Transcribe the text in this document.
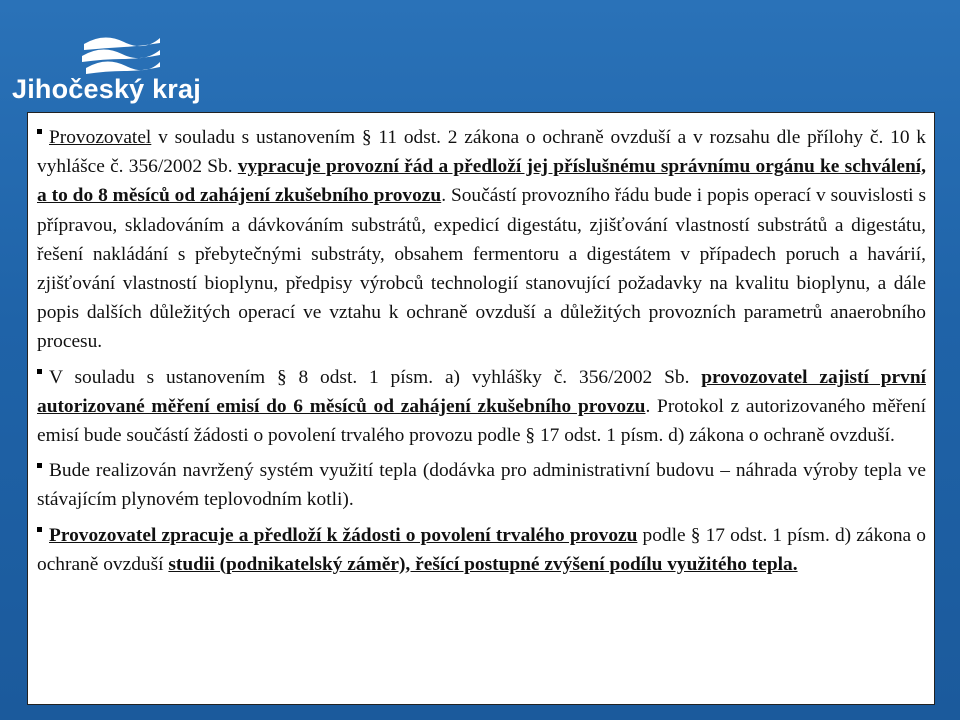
Jihočeský kraj

Provozovatel v souladu s ustanovením § 11 odst. 2 zákona o ochraně ovzduší a v rozsahu dle přílohy č. 10 k vyhlášce č. 356/2002 Sb. vypracuje provozní řád a předloží jej příslušnému správnímu orgánu ke schválení, a to do 8 měsíců od zahájení zkušebního provozu. Součástí provozního řádu bude i popis operací v souvislosti s přípravou, skladováním a dávkováním substrátů, expedicí digestátu, zjišťování vlastností substrátů a digestátu, řešení nakládání s přebytečnými substráty, obsahem fermentoru a digestátem v případech poruch a havárií, zjišťování vlastností bioplynu, předpisy výrobců technologií stanovující požadavky na kvalitu bioplynu, a dále popis dalších důležitých operací ve vztahu k ochraně ovzduší a důležitých provozních parametrů anaerobního procesu.

V souladu s ustanovením § 8 odst. 1 písm. a) vyhlášky č. 356/2002 Sb. provozovatel zajistí první autorizované měření emisí do 6 měsíců od zahájení zkušebního provozu. Protokol z autorizovaného měření emisí bude součástí žádosti o povolení trvalého provozu podle § 17 odst. 1 písm. d) zákona o ochraně ovzduší.

Bude realizován navržený systém využití tepla (dodávka pro administrativní budovu – náhrada výroby tepla ve stávajícím plynovém teplovodním kotli).

Provozovatel zpracuje a předloží k žádosti o povolení trvalého provozu podle § 17 odst. 1 písm. d) zákona o ochraně ovzduší studii (podnikatelský záměr), řešící postupné zvýšení podílu využitého tepla.
